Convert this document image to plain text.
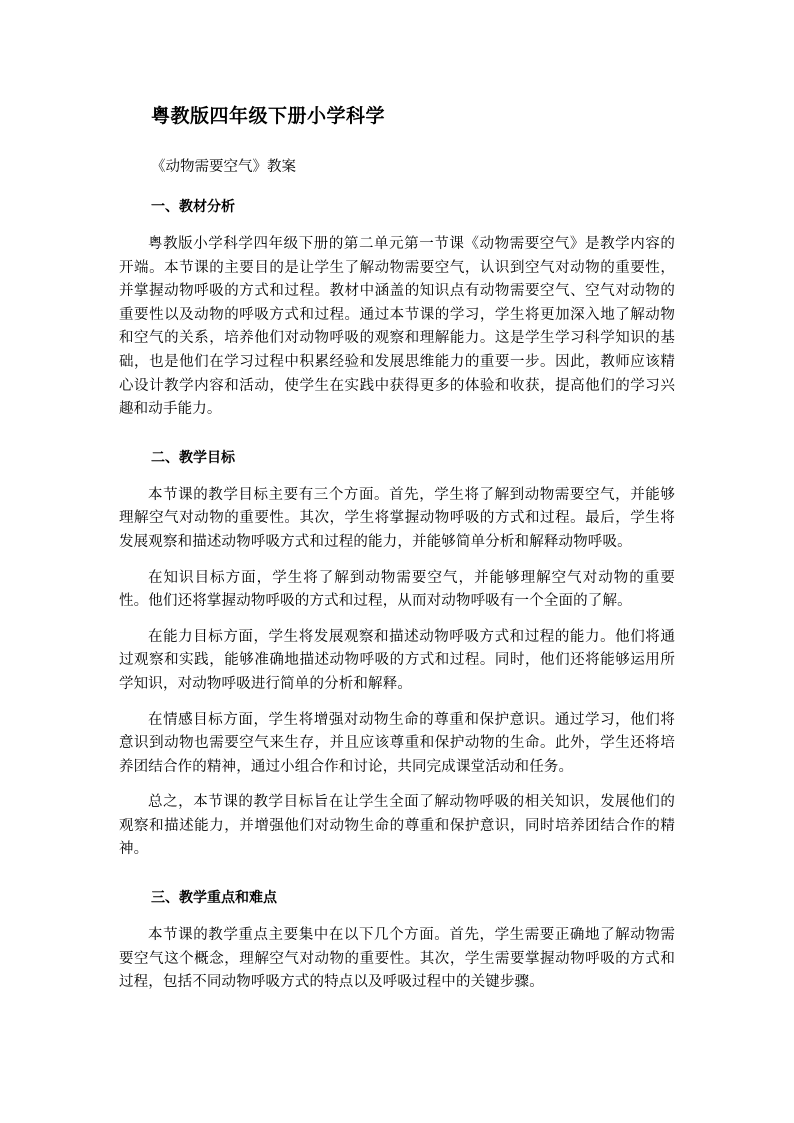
粤教版四年级下册小学科学

《动物需要空气》教案

一、教材分析

粤教版小学科学四年级下册的第二单元第一节课《动物需要空气》是教学内容的开端。本节课的主要目的是让学生了解动物需要空气，认识到空气对动物的重要性，并掌握动物呼吸的方式和过程。教材中涵盖的知识点有动物需要空气、空气对动物的重要性以及动物的呼吸方式和过程。通过本节课的学习，学生将更加深入地了解动物和空气的关系，培养他们对动物呼吸的观察和理解能力。这是学生学习科学知识的基础，也是他们在学习过程中积累经验和发展思维能力的重要一步。因此，教师应该精心设计教学内容和活动，使学生在实践中获得更多的体验和收获，提高他们的学习兴趣和动手能力。

二、教学目标

本节课的教学目标主要有三个方面。首先，学生将了解到动物需要空气，并能够理解空气对动物的重要性。其次，学生将掌握动物呼吸的方式和过程。最后，学生将发展观察和描述动物呼吸方式和过程的能力，并能够简单分析和解释动物呼吸。

在知识目标方面，学生将了解到动物需要空气，并能够理解空气对动物的重要性。他们还将掌握动物呼吸的方式和过程，从而对动物呼吸有一个全面的了解。

在能力目标方面，学生将发展观察和描述动物呼吸方式和过程的能力。他们将通过观察和实践，能够准确地描述动物呼吸的方式和过程。同时，他们还将能够运用所学知识，对动物呼吸进行简单的分析和解释。

在情感目标方面，学生将增强对动物生命的尊重和保护意识。通过学习，他们将意识到动物也需要空气来生存，并且应该尊重和保护动物的生命。此外，学生还将培养团结合作的精神，通过小组合作和讨论，共同完成课堂活动和任务。

总之，本节课的教学目标旨在让学生全面了解动物呼吸的相关知识，发展他们的观察和描述能力，并增强他们对动物生命的尊重和保护意识，同时培养团结合作的精神。

三、教学重点和难点

本节课的教学重点主要集中在以下几个方面。首先，学生需要正确地了解动物需要空气这个概念，理解空气对动物的重要性。其次，学生需要掌握动物呼吸的方式和过程，包括不同动物呼吸方式的特点以及呼吸过程中的关键步骤。
